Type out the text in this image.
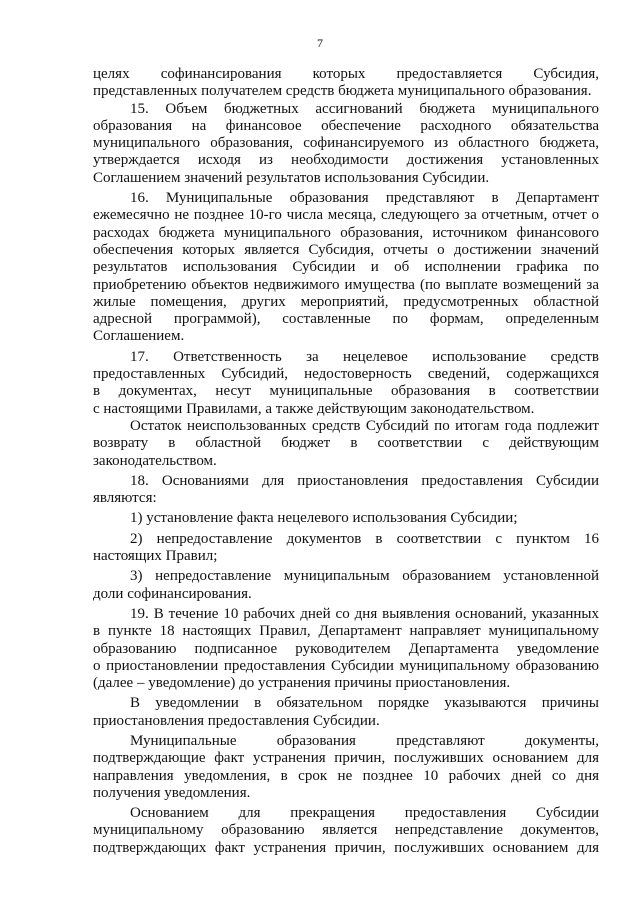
7
целях софинансирования которых предоставляется Субсидия,
представленных получателем средств бюджета муниципального образования.
15. Объем бюджетных ассигнований бюджета муниципального
образования на финансовое обеспечение расходного обязательства
муниципального образования, софинансируемого из областного бюджета,
утверждается исходя из необходимости достижения установленных
Соглашением значений результатов использования Субсидии.
16. Муниципальные образования представляют в Департамент
ежемесячно не позднее 10-го числа месяца, следующего за отчетным, отчет о
расходах бюджета муниципального образования, источником финансового
обеспечения которых является Субсидия, отчеты о достижении значений
результатов использования Субсидии и об исполнении графика по
приобретению объектов недвижимого имущества (по выплате возмещений за
жилые помещения, других мероприятий, предусмотренных областной
адресной программой), составленные по формам, определенным
Соглашением.
17. Ответственность за нецелевое использование средств
предоставленных Субсидий, недостоверность сведений, содержащихся
в документах, несут муниципальные образования в соответствии
с настоящими Правилами, а также действующим законодательством.
Остаток неиспользованных средств Субсидий по итогам года подлежит
возврату в областной бюджет в соответствии с действующим
законодательством.
18. Основаниями для приостановления предоставления Субсидии
являются:
1) установление факта нецелевого использования Субсидии;
2) непредоставление документов в соответствии с пунктом 16
настоящих Правил;
3) непредоставление муниципальным образованием установленной
доли софинансирования.
19. В течение 10 рабочих дней со дня выявления оснований, указанных
в пункте 18 настоящих Правил, Департамент направляет муниципальному
образованию подписанное руководителем Департамента уведомление
о приостановлении предоставления Субсидии муниципальному образованию
(далее – уведомление) до устранения причины приостановления.
В уведомлении в обязательном порядке указываются причины
приостановления предоставления Субсидии.
Муниципальные образования представляют документы,
подтверждающие факт устранения причин, послуживших основанием для
направления уведомления, в срок не позднее 10 рабочих дней со дня
получения уведомления.
Основанием для прекращения предоставления Субсидии
муниципальному образованию является непредставление документов,
подтверждающих факт устранения причин, послуживших основанием для
